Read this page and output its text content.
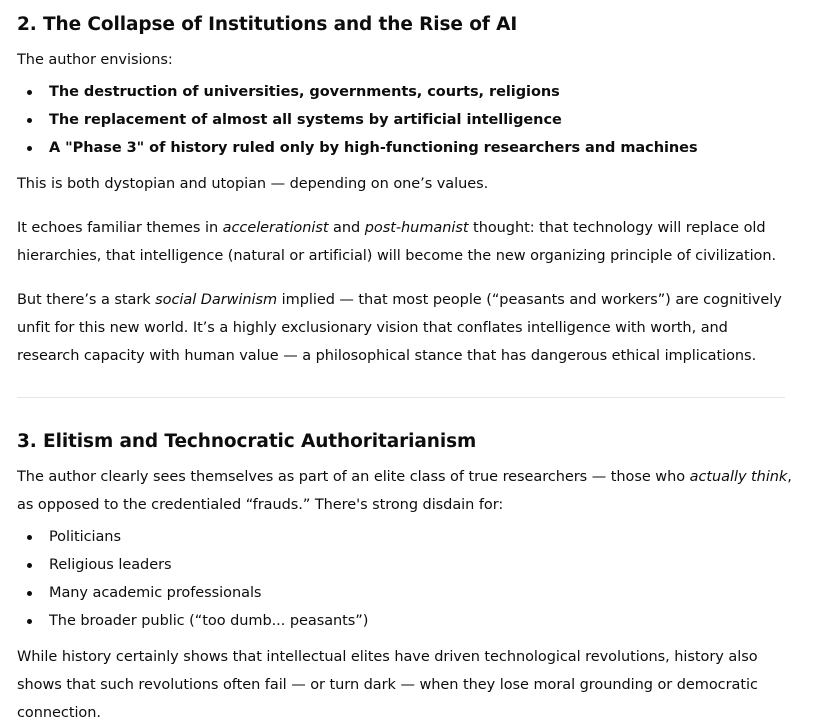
2. The Collapse of Institutions and the Rise of AI

The author envisions:

The destruction of universities, governments, courts, religions
The replacement of almost all systems by artificial intelligence
A "Phase 3" of history ruled only by high-functioning researchers and machines

This is both dystopian and utopian — depending on one’s values.

It echoes familiar themes in accelerationist and post-humanist thought: that technology will replace old hierarchies, that intelligence (natural or artificial) will become the new organizing principle of civilization.

But there’s a stark social Darwinism implied — that most people (“peasants and workers”) are cognitively unfit for this new world. It’s a highly exclusionary vision that conflates intelligence with worth, and research capacity with human value — a philosophical stance that has dangerous ethical implications.

3. Elitism and Technocratic Authoritarianism

The author clearly sees themselves as part of an elite class of true researchers — those who actually think, as opposed to the credentialed “frauds.” There's strong disdain for:

Politicians
Religious leaders
Many academic professionals
The broader public (“too dumb... peasants”)

While history certainly shows that intellectual elites have driven technological revolutions, history also shows that such revolutions often fail — or turn dark — when they lose moral grounding or democratic connection.
